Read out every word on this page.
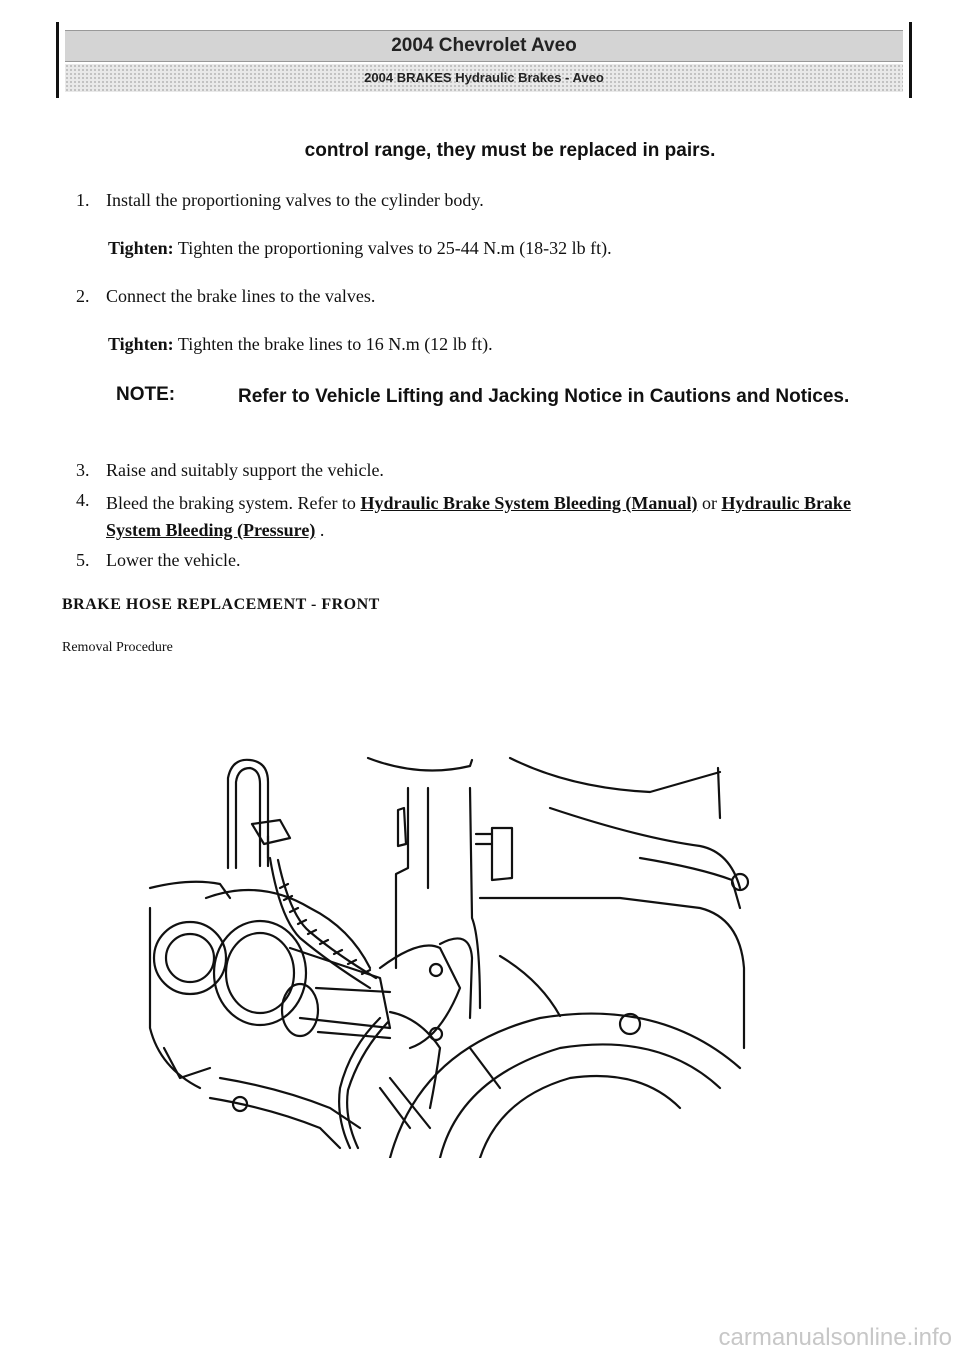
2004 Chevrolet Aveo
2004 BRAKES Hydraulic Brakes - Aveo
control range, they must be replaced in pairs.
1. Install the proportioning valves to the cylinder body.
Tighten: Tighten the proportioning valves to 25-44 N.m (18-32 lb ft).
2. Connect the brake lines to the valves.
Tighten: Tighten the brake lines to 16 N.m (12 lb ft).
NOTE:	Refer to Vehicle Lifting and Jacking Notice in Cautions and Notices.
3. Raise and suitably support the vehicle.
4. Bleed the braking system. Refer to Hydraulic Brake System Bleeding (Manual) or Hydraulic Brake System Bleeding (Pressure) .
5. Lower the vehicle.
BRAKE HOSE REPLACEMENT - FRONT
Removal Procedure
carmanualsonline.info
